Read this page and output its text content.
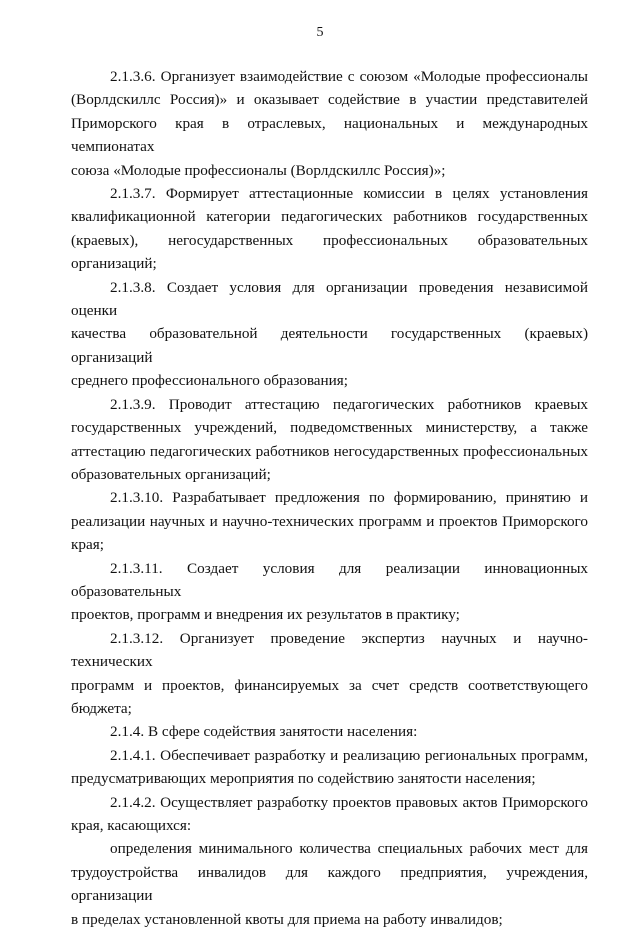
5
2.1.3.6. Организует взаимодействие с союзом «Молодые профессионалы
(Ворлдскиллс Россия)» и оказывает содействие в участии представителей
Приморского края в отраслевых, национальных и международных чемпионатах
союза «Молодые профессионалы (Ворлдскиллс Россия)»;
2.1.3.7. Формирует аттестационные комиссии в целях установления
квалификационной категории педагогических работников государственных
(краевых), негосударственных профессиональных образовательных
организаций;
2.1.3.8. Создает условия для организации проведения независимой оценки
качества образовательной деятельности государственных (краевых) организаций
среднего профессионального образования;
2.1.3.9. Проводит аттестацию педагогических работников краевых
государственных учреждений, подведомственных министерству, а также
аттестацию педагогических работников негосударственных профессиональных
образовательных организаций;
2.1.3.10. Разрабатывает предложения по формированию, принятию и
реализации научных и научно-технических программ и проектов Приморского
края;
2.1.3.11. Создает условия для реализации инновационных образовательных
проектов, программ и внедрения их результатов в практику;
2.1.3.12. Организует проведение экспертиз научных и научно-технических
программ и проектов, финансируемых за счет средств соответствующего
бюджета;
2.1.4. В сфере содействия занятости населения:
2.1.4.1. Обеспечивает разработку и реализацию региональных программ,
предусматривающих мероприятия по содействию занятости населения;
2.1.4.2. Осуществляет разработку проектов правовых актов Приморского
края, касающихся:
определения минимального количества специальных рабочих мест для
трудоустройства инвалидов для каждого предприятия, учреждения, организации
в пределах установленной квоты для приема на работу инвалидов;
